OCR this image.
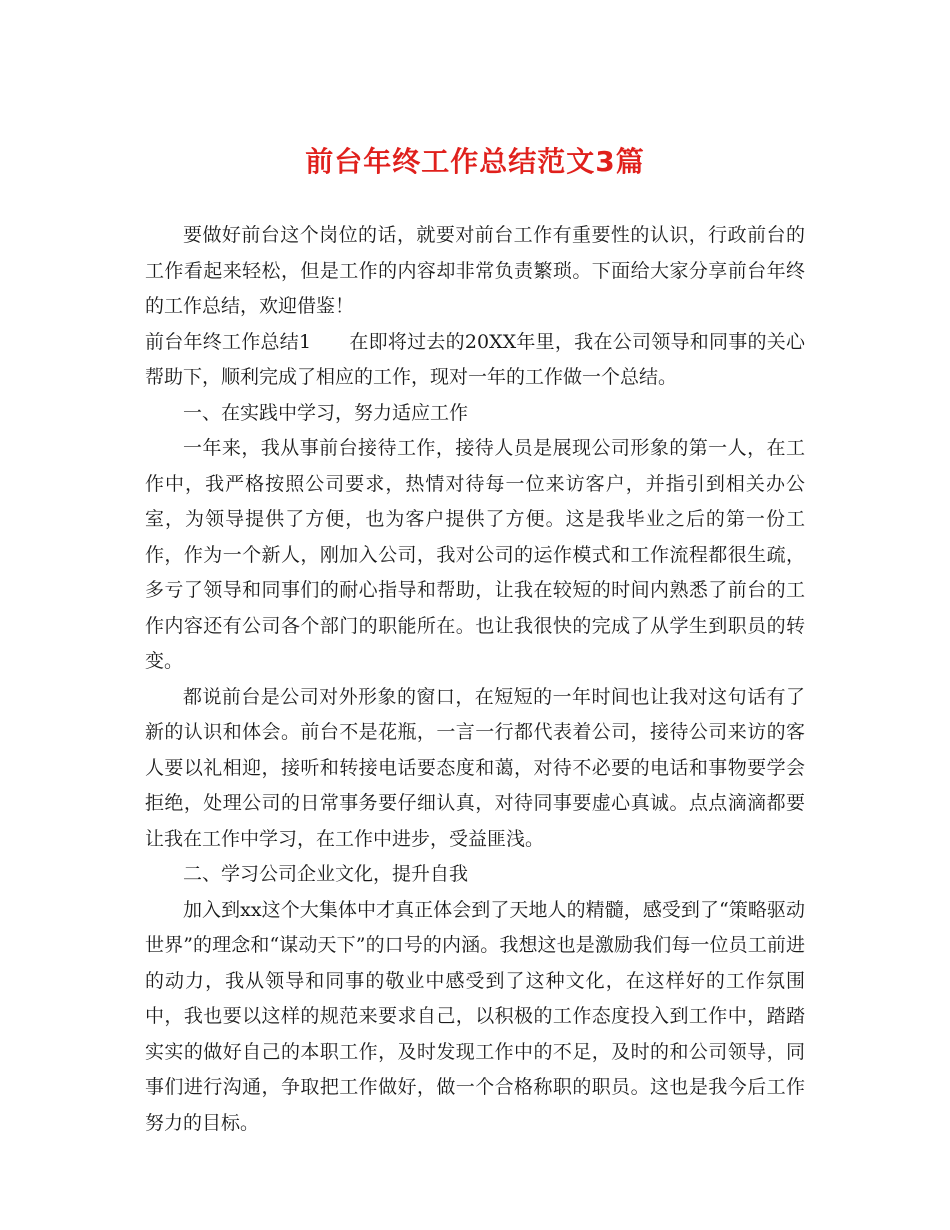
前台年终工作总结范文3篇

要做好前台这个岗位的话，就要对前台工作有重要性的认识，行政前台的工作看起来轻松，但是工作的内容却非常负责繁琐。下面给大家分享前台年终的工作总结，欢迎借鉴！

前台年终工作总结1 在即将过去的20XX年里，我在公司领导和同事的关心帮助下，顺利完成了相应的工作，现对一年的工作做一个总结。

一、在实践中学习，努力适应工作

一年来，我从事前台接待工作，接待人员是展现公司形象的第一人，在工作中，我严格按照公司要求，热情对待每一位来访客户，并指引到相关办公室，为领导提供了方便，也为客户提供了方便。这是我毕业之后的第一份工作，作为一个新人，刚加入公司，我对公司的运作模式和工作流程都很生疏，多亏了领导和同事们的耐心指导和帮助，让我在较短的时间内熟悉了前台的工作内容还有公司各个部门的职能所在。也让我很快的完成了从学生到职员的转变。

都说前台是公司对外形象的窗口，在短短的一年时间也让我对这句话有了新的认识和体会。前台不是花瓶，一言一行都代表着公司，接待公司来访的客人要以礼相迎，接听和转接电话要态度和蔼，对待不必要的电话和事物要学会拒绝，处理公司的日常事务要仔细认真，对待同事要虚心真诚。点点滴滴都要让我在工作中学习，在工作中进步，受益匪浅。

二、学习公司企业文化，提升自我

加入到xx这个大集体中才真正体会到了天地人的精髓，感受到了“策略驱动世界”的理念和“谋动天下”的口号的内涵。我想这也是激励我们每一位员工前进的动力，我从领导和同事的敬业中感受到了这种文化，在这样好的工作氛围中，我也要以这样的规范来要求自己，以积极的工作态度投入到工作中，踏踏实实的做好自己的本职工作，及时发现工作中的不足，及时的和公司领导，同事们进行沟通，争取把工作做好，做一个合格称职的职员。这也是我今后工作努力的目标。
